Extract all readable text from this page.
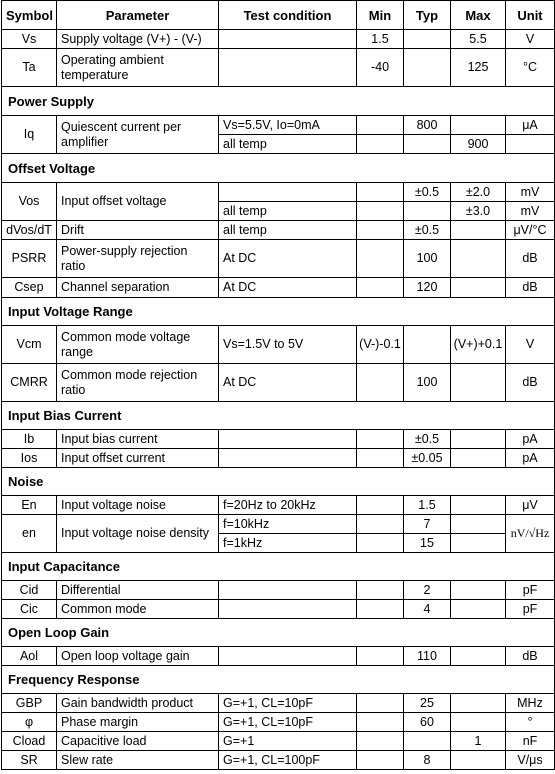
Symbol	Parameter	Test condition	Min	Typ	Max	Unit
Vs	Supply voltage (V+) - (V-)		1.5		5.5	V
Ta	Operating ambient temperature		-40		125	°C
Power Supply						
Iq	Quiescent current per amplifier	Vs=5.5V, Io=0mA		800		μA
		all temp			900	
Offset Voltage						
Vos	Input offset voltage			±0.5	±2.0	mV
		all temp			±3.0	mV
dVos/dT	Drift	all temp		±0.5		μV/°C
PSRR	Power-supply rejection ratio	At DC		100		dB
Csep	Channel separation	At DC		120		dB
Input Voltage Range						
Vcm	Common mode voltage range	Vs=1.5V to 5V	(V-)-0.1		(V+)+0.1	V
CMRR	Common mode rejection ratio	At DC		100		dB
Input Bias Current						
Ib	Input bias current			±0.5		pA
Ios	Input offset current			±0.05		pA
Noise						
En	Input voltage noise	f=20Hz to 20kHz		1.5		μV
en	Input voltage noise density	f=10kHz		7		nV/√Hz
		f=1kHz		15		
Input Capacitance						
Cid	Differential			2		pF
Cic	Common mode			4		pF
Open Loop Gain						
Aol	Open loop voltage gain			110		dB
Frequency Response						
GBP	Gain bandwidth product	G=+1, CL=10pF		25		MHz
φ	Phase margin	G=+1, CL=10pF		60		°
Cload	Capacitive load	G=+1			1	nF
SR	Slew rate	G=+1, CL=100pF		8		V/μs
